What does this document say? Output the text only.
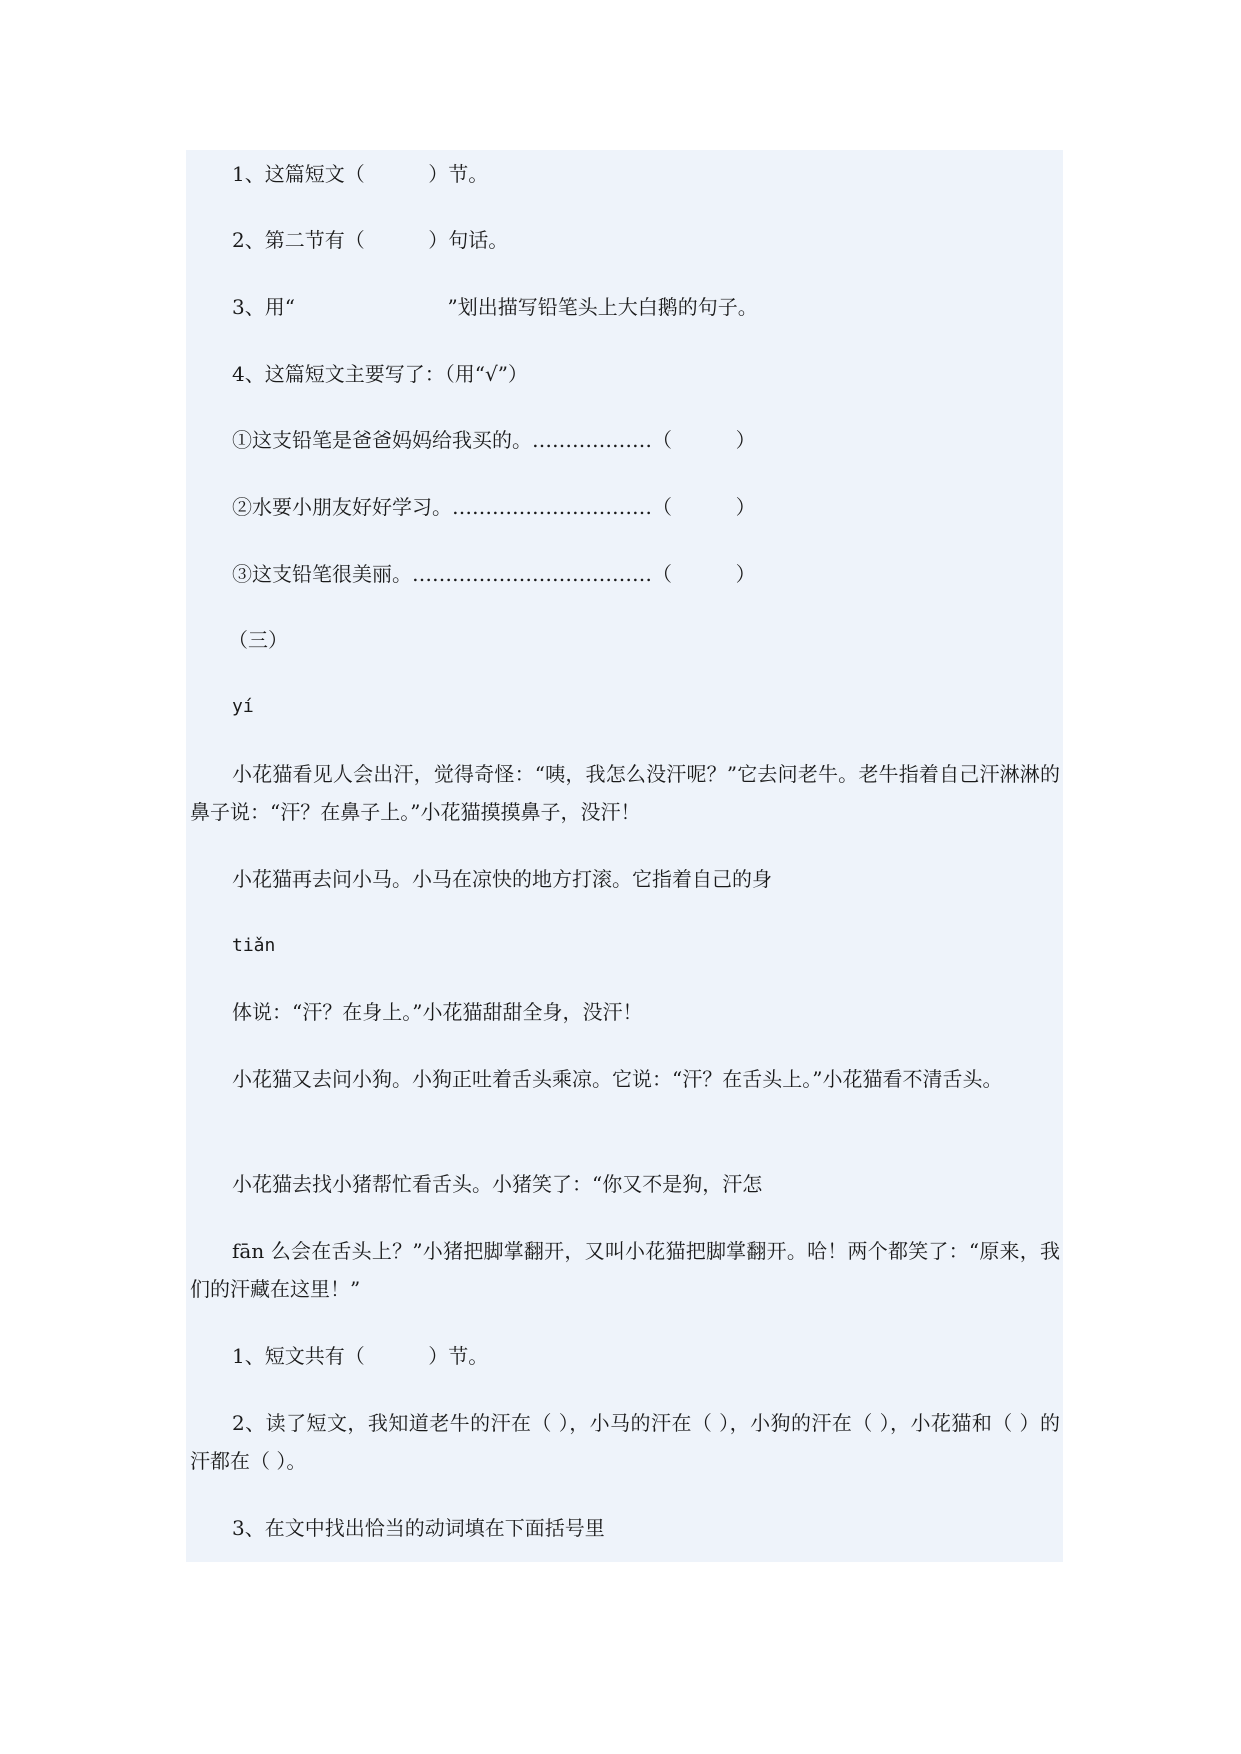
1、这篇短文（          ）节。
2、第二节有（          ）句话。
3、用“                        ”划出描写铅笔头上大白鹅的句子。
4、这篇短文主要写了：（用“√”）
①这支铅笔是爸爸妈妈给我买的。………………（          ）
②水要小朋友好好学习。…………………………（          ）
③这支铅笔很美丽。………………………………（          ）
（三）
yí
小花猫看见人会出汗，觉得奇怪：“咦，我怎么没汗呢？”它去问老牛。老牛指着自己汗淋淋的鼻子说：“汗？在鼻子上。”小花猫摸摸鼻子，没汗！
小花猫再去问小马。小马在凉快的地方打滚。它指着自己的身
tiǎn
体说：“汗？在身上。”小花猫甜甜全身，没汗！
小花猫又去问小狗。小狗正吐着舌头乘凉。它说：“汗？在舌头上。”小花猫看不清舌头。
小花猫去找小猪帮忙看舌头。小猪笑了：“你又不是狗，汗怎
fān 么会在舌头上？”小猪把脚掌翻开，又叫小花猫把脚掌翻开。哈！两个都笑了：“原来，我们的汗藏在这里！”
1、短文共有（          ）节。
2、读了短文，我知道老牛的汗在（ ），小马的汗在（ ），小狗的汗在（ ），小花猫和（ ）的汗都在（ ）。
3、在文中找出恰当的动词填在下面括号里
